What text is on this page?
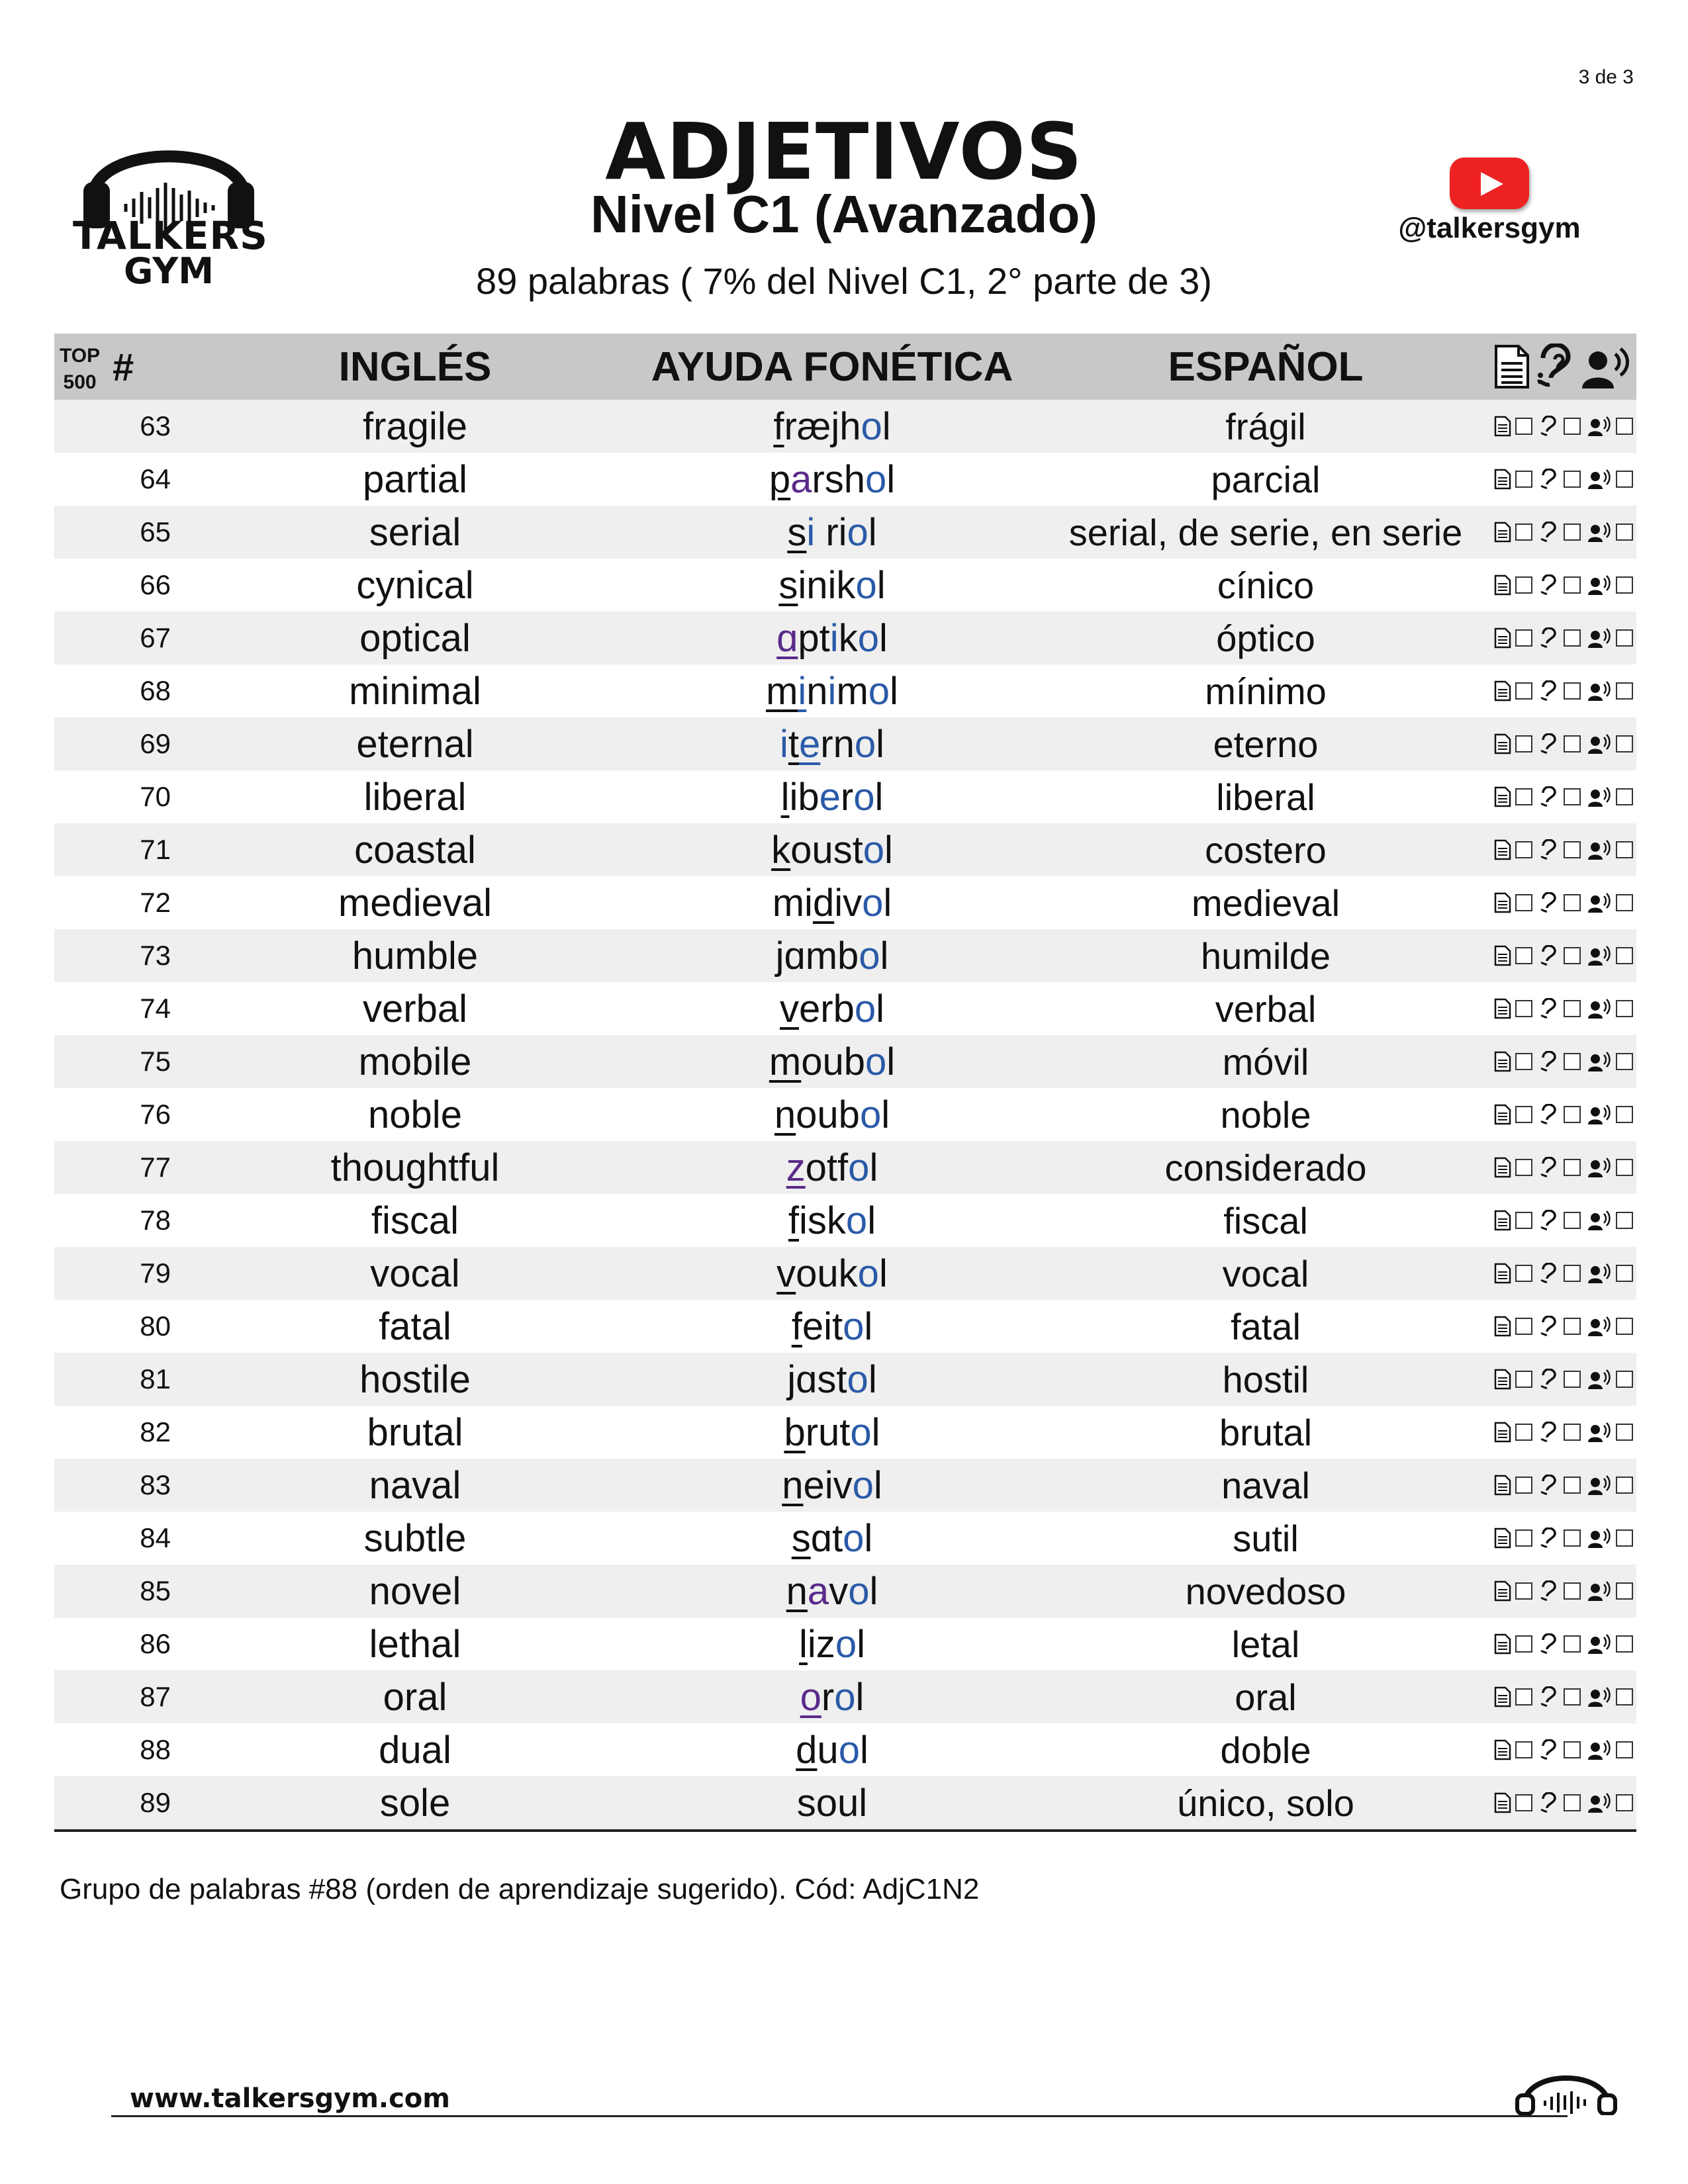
3 de 3
TALKERS
GYM
ADJETIVOS
Nivel C1 (Avanzado)
89 palabras ( 7% del Nivel C1, 2° parte de 3)
@talkersgym
TOP
500 #	INGLÉS	AYUDA FONÉTICA	ESPAÑOL	

63	fragile	fræjhol	frágil	

64	partial	parshol	parcial	

65	serial	si riol	serial, de serie, en serie	

66	cynical	sinikol	cínico	

67	optical	ɑptikol	óptico	

68	minimal	minimol	mínimo	

69	eternal	iternol	eterno	

70	liberal	liberol	liberal	

71	coastal	koustol	costero	

72	medieval	midivol	medieval	

73	humble	jɑmbol	humilde	

74	verbal	verbol	verbal	

75	mobile	moubol	móvil	

76	noble	noubol	noble	

77	thoughtful	zotfol	considerado	

78	fiscal	fiskol	fiscal	

79	vocal	voukol	vocal	

80	fatal	feitol	fatal	

81	hostile	jɑstol	hostil	

82	brutal	brutol	brutal	

83	naval	neivol	naval	

84	subtle	sɑtol	sutil	

85	novel	navol	novedoso	

86	lethal	lizol	letal	

87	oral	orol	oral	

88	dual	duol	doble	

89	sole	soul	único, solo	
Grupo de palabras #88 (orden de aprendizaje sugerido). Cód: AdjC1N2
www.talkersgym.com
